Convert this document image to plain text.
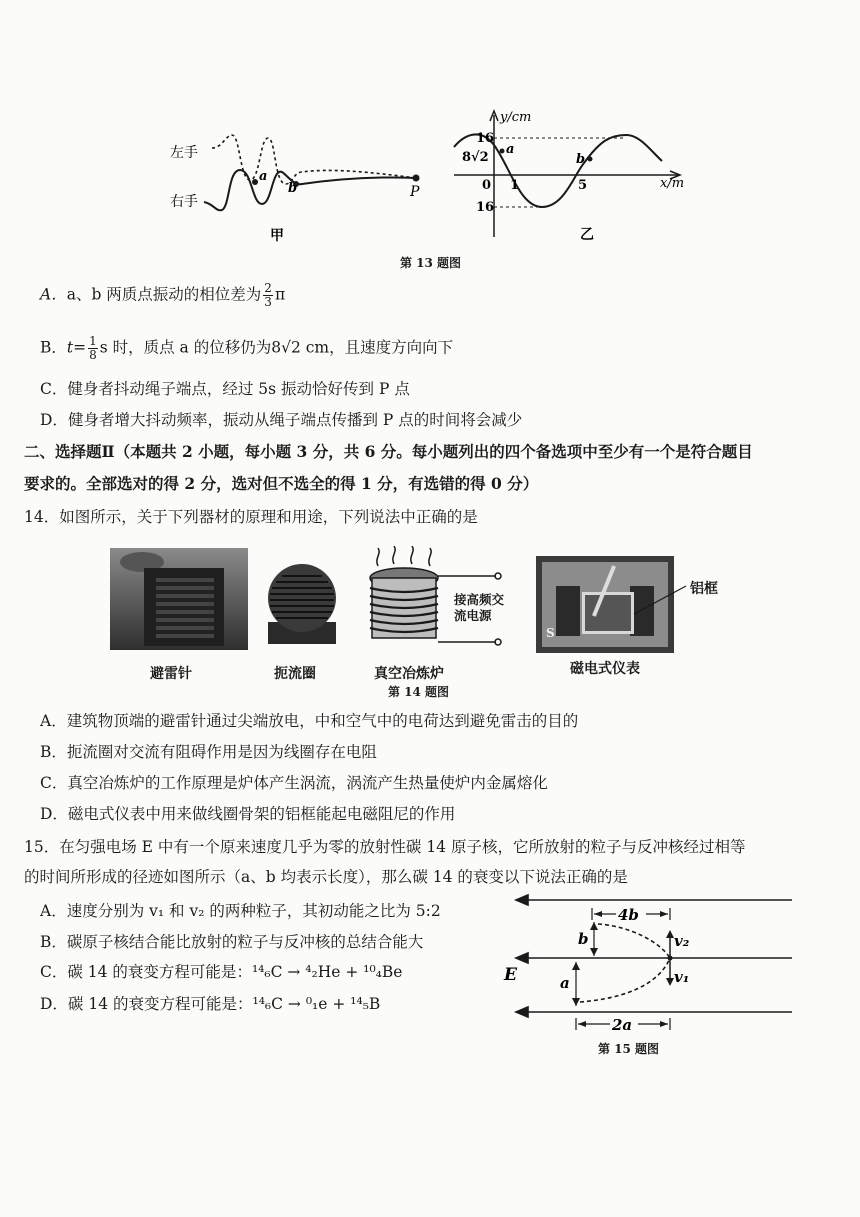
左手
右手
a
b	P
甲
y/cm
x/m
16
8√2
16
0 1	5
a
b
乙
第 13 题图
A．a、b 两质点振动的相位差为 $\frac{2}{3}$ π
B．$t= \frac{1}{8}$ s 时，质点 a 的位移仍为8√2 cm，且速度方向向下
C．健身者抖动绳子端点，经过 5s 振动恰好传到 P 点
D．健身者增大抖动频率，振动从绳子端点传播到 P 点的时间将会减少
二、选择题Ⅱ（本题共 2 小题，每小题 3 分，共 6 分。每小题列出的四个备选项中至少有一个是符合题目
要求的。全部选对的得 2 分，选对但不选全的得 1 分，有选错的得 0 分）
14．如图所示，关于下列器材的原理和用途，下列说法中正确的是
避雷针	扼流圈
接高频交
流电源
真空冶炼炉
S
铝框
磁电式仪表
第 14 题图
A．建筑物顶端的避雷针通过尖端放电，中和空气中的电荷达到避免雷击的目的
B．扼流圈对交流有阻碍作用是因为线圈存在电阻
C．真空冶炼炉的工作原理是炉体产生涡流，涡流产生热量使炉内金属熔化
D．磁电式仪表中用来做线圈骨架的铝框能起电磁阻尼的作用
15．在匀强电场 E 中有一个原来速度几乎为零的放射性碳 14 原子核，它所放射的粒子与反冲核经过相等
的时间所形成的径迹如图所示（a、b 均表示长度），那么碳 14 的衰变以下说法正确的是
A．速度分别为 v₁ 和 v₂ 的两种粒子，其初动能之比为 5:2
B．碳原子核结合能比放射的粒子与反冲核的总结合能大
C．碳 14 的衰变方程可能是：¹⁴₆C → ⁴₂He + ¹⁰₄Be
D．碳 14 的衰变方程可能是：¹⁴₆C → ⁰₁e + ¹⁴₅B
4b
b
a
v₂
v₁
E
2a
第 15 题图
